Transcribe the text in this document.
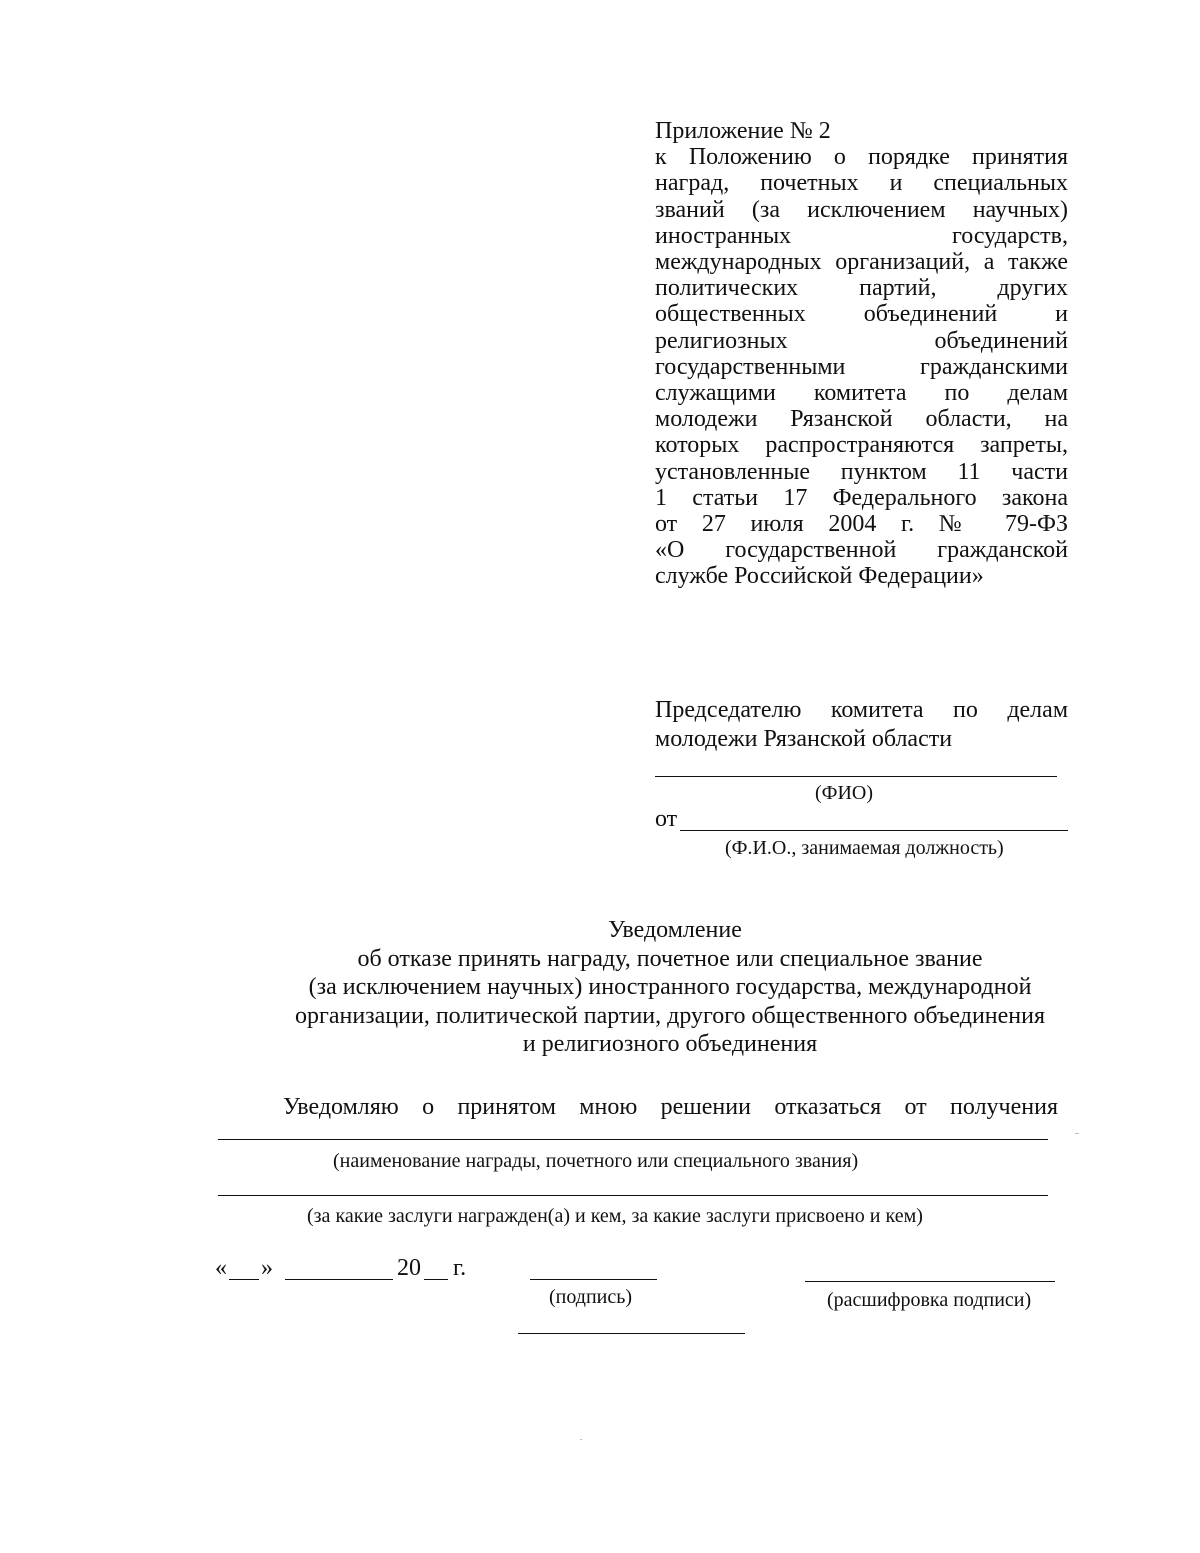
Приложение № 2
к Положению о порядке принятия
наград, почетных и специальных
званий (за исключением научных)
иностранных государств,
международных организаций, а также
политических партий, других
общественных объединений и
религиозных объединений
государственными гражданскими
служащими комитета по делам
молодежи Рязанской области, на
которых распространяются запреты,
установленные пунктом 11 части
1 статьи 17 Федерального закона
от 27 июля 2004 г. № 79-ФЗ
«О государственной гражданской
службе Российской Федерации»
Председателю комитета по делам
молодежи Рязанской области
(ФИО)
от
(Ф.И.О., занимаемая должность)
Уведомление
об отказе принять награду, почетное или специальное звание
(за исключением научных) иностранного государства, международной
организации, политической партии, другого общественного объединения
и религиозного объединения
Уведомляю о принятом мною решении отказаться от получения
(наименование награды, почетного или специального звания)
(за какие заслуги награжден(а) и кем, за какие заслуги присвоено и кем)
« »	20 г.
(подпись)	(расшифровка подписи)
